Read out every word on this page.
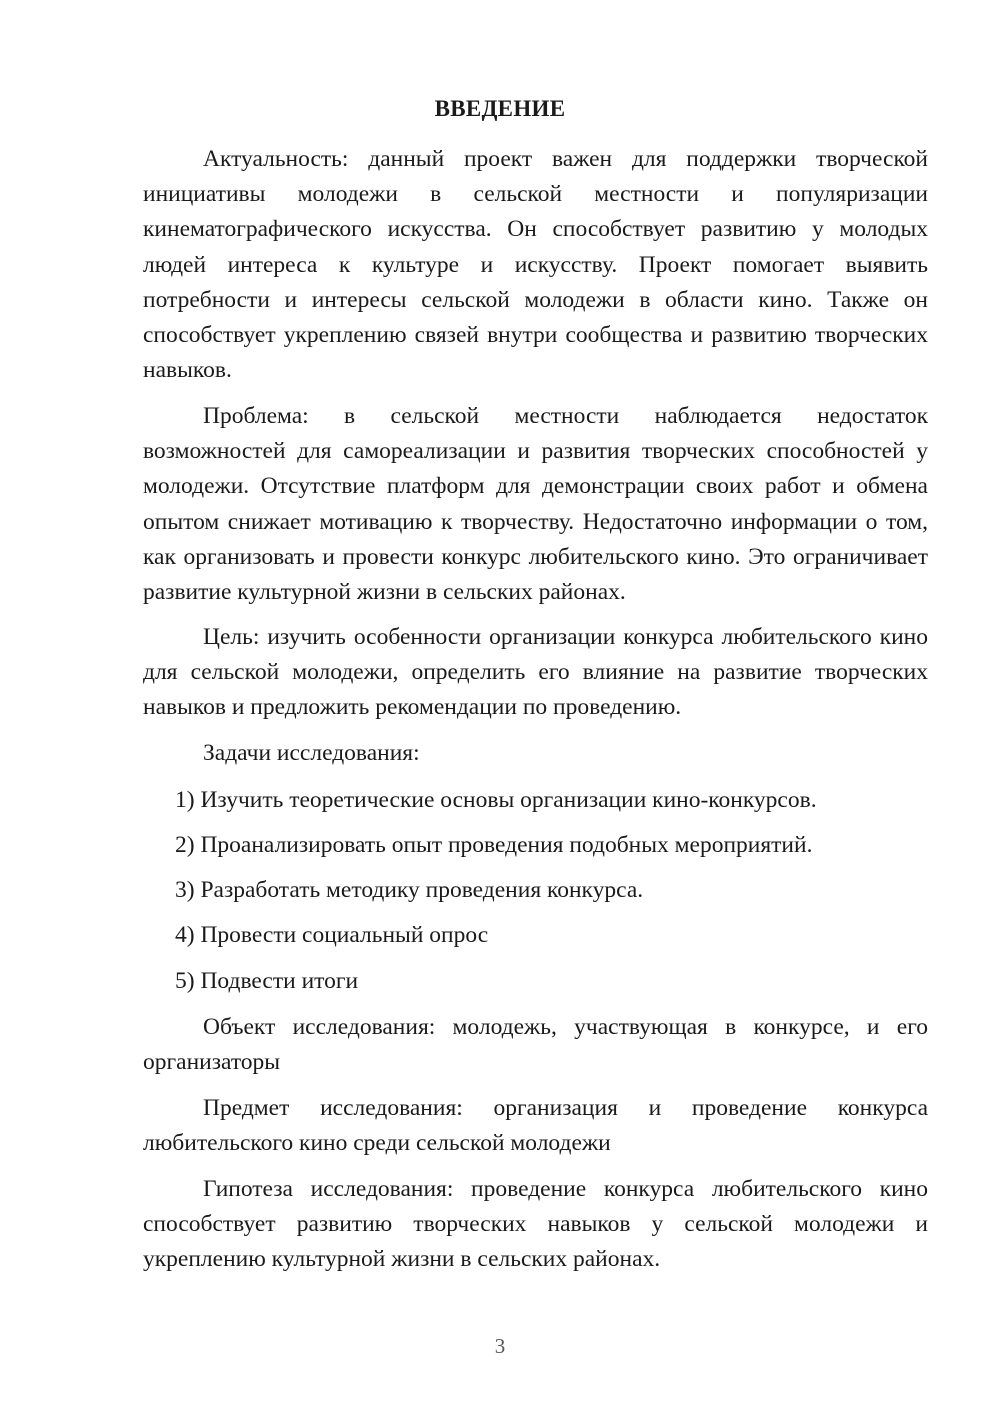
ВВЕДЕНИЕ

Актуальность: данный проект важен для поддержки творческой инициативы молодежи в сельской местности и популяризации кинематографического искусства. Он способствует развитию у молодых людей интереса к культуре и искусству. Проект помогает выявить потребности и интересы сельской молодежи в области кино. Также он способствует укреплению связей внутри сообщества и развитию творческих навыков.

Проблема: в сельской местности наблюдается недостаток возможностей для самореализации и развития творческих способностей у молодежи. Отсутствие платформ для демонстрации своих работ и обмена опытом снижает мотивацию к творчеству. Недостаточно информации о том, как организовать и провести конкурс любительского кино. Это ограничивает развитие культурной жизни в сельских районах.

Цель: изучить особенности организации конкурса любительского кино для сельской молодежи, определить его влияние на развитие творческих навыков и предложить рекомендации по проведению.

Задачи исследования:

1) Изучить теоретические основы организации кино-конкурсов.

2) Проанализировать опыт проведения подобных мероприятий.

3) Разработать методику проведения конкурса.

4) Провести социальный опрос

5) Подвести итоги

Объект исследования: молодежь, участвующая в конкурсе, и его организаторы

Предмет исследования: организация и проведение конкурса любительского кино среди сельской молодежи

Гипотеза исследования: проведение конкурса любительского кино способствует развитию творческих навыков у сельской молодежи и укреплению культурной жизни в сельских районах.

3
